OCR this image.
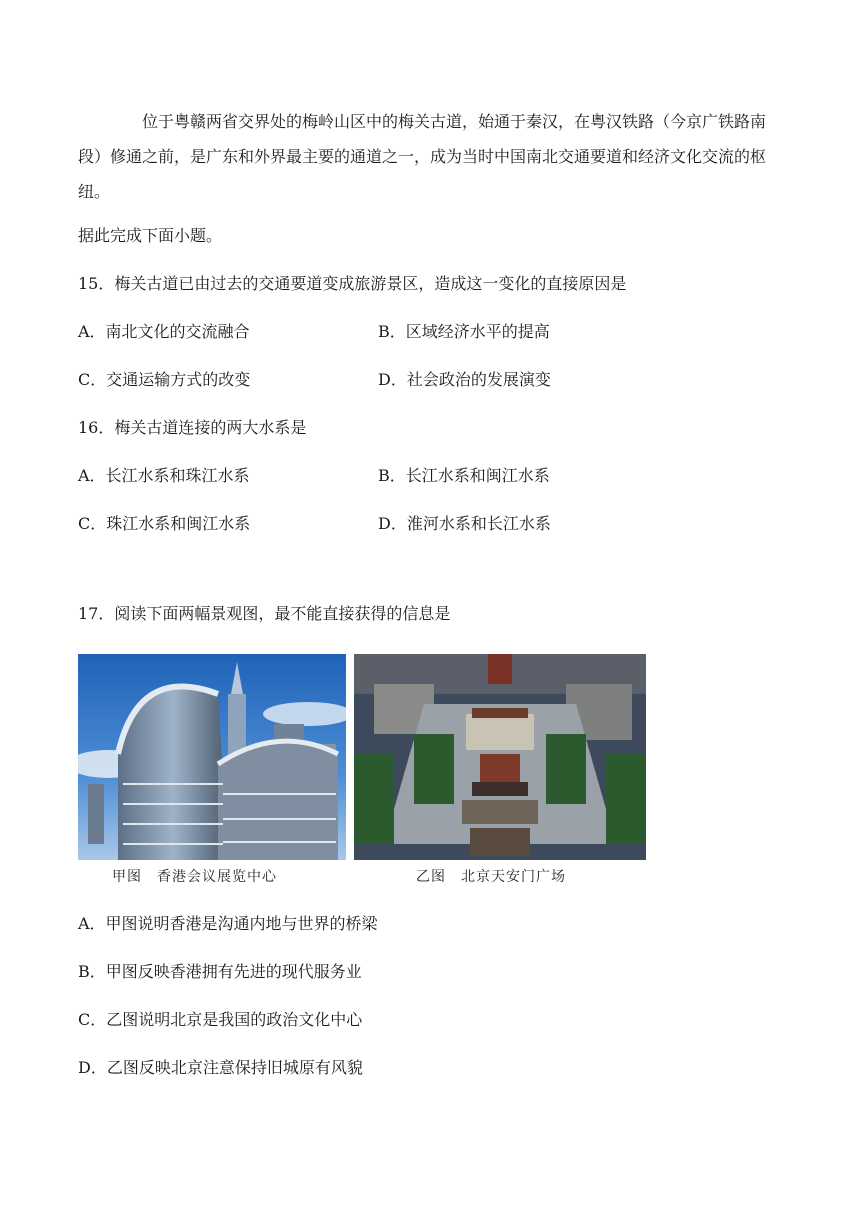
位于粤赣两省交界处的梅岭山区中的梅关古道，始通于秦汉，在粤汉铁路（今京广铁路南段）修通之前，是广东和外界最主要的通道之一，成为当时中国南北交通要道和经济文化交流的枢纽。
据此完成下面小题。
15．梅关古道已由过去的交通要道变成旅游景区，造成这一变化的直接原因是
A．南北文化的交流融合	B．区域经济水平的提高
C．交通运输方式的改变	D．社会政治的发展演变
16．梅关古道连接的两大水系是
A．长江水系和珠江水系	B．长江水系和闽江水系
C．珠江水系和闽江水系	D．淮河水系和长江水系
17．阅读下面两幅景观图，最不能直接获得的信息是
甲图　香港会议展览中心	乙图　北京天安门广场
A．甲图说明香港是沟通内地与世界的桥梁
B．甲图反映香港拥有先进的现代服务业
C．乙图说明北京是我国的政治文化中心
D．乙图反映北京注意保持旧城原有风貌
